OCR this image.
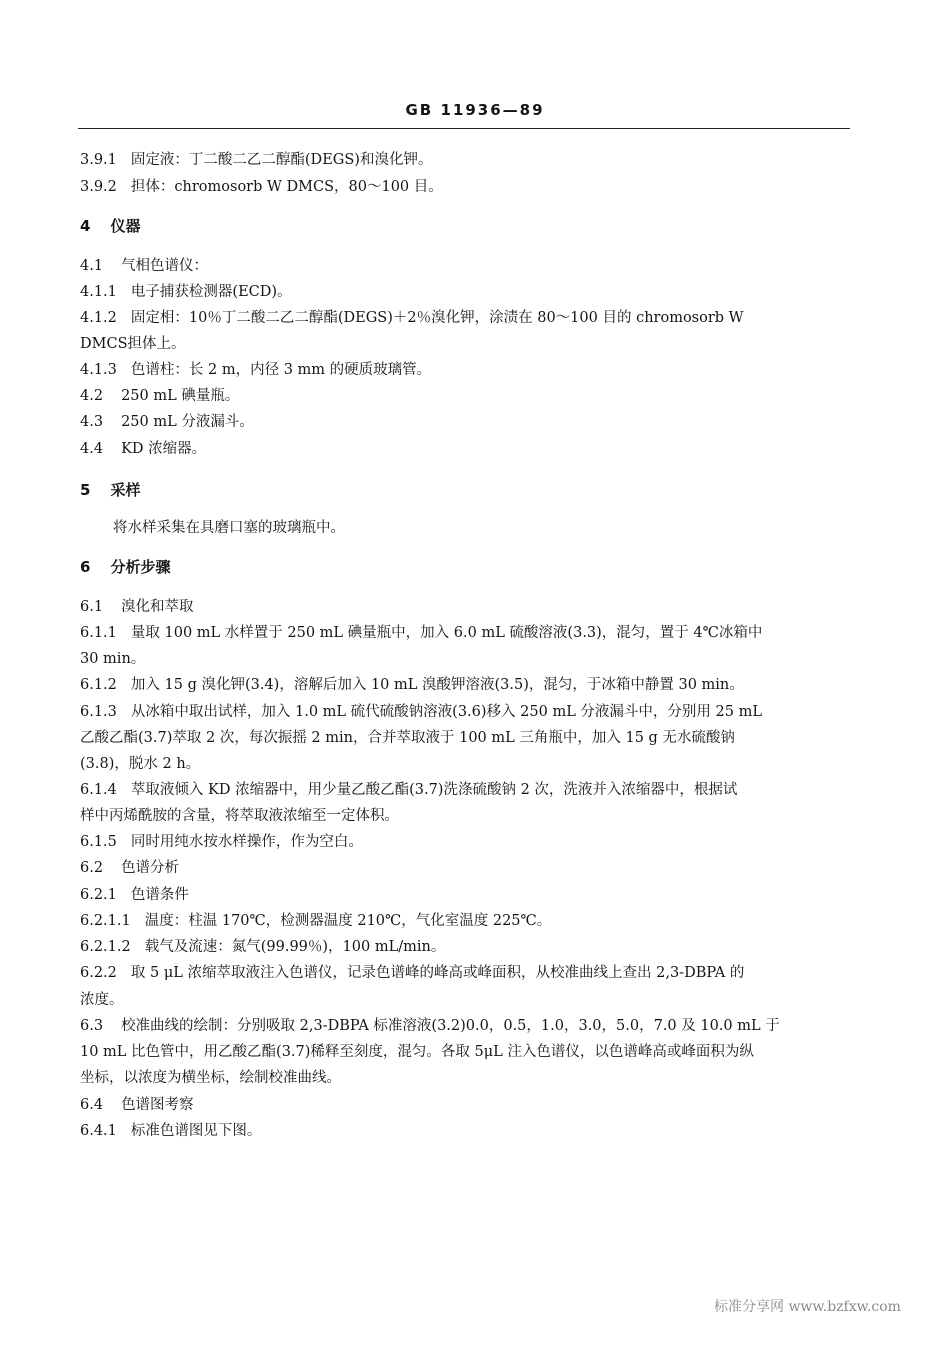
GB 11936—89
3.9.1 固定液：丁二酸二乙二醇酯(DEGS)和溴化钾。
3.9.2 担体：chromosorb W DMCS，80～100 目。
4 仪器
4.1 气相色谱仪：
4.1.1 电子捕获检测器(ECD)。
4.1.2 固定相：10％丁二酸二乙二醇酯(DEGS)＋2％溴化钾，涂渍在 80～100 目的 chromosorb W
DMCS担体上。
4.1.3 色谱柱：长 2 m，内径 3 mm 的硬质玻璃管。
4.2 250 mL 碘量瓶。
4.3 250 mL 分液漏斗。
4.4 KD 浓缩器。
5 采样
将水样采集在具磨口塞的玻璃瓶中。
6 分析步骤
6.1 溴化和萃取
6.1.1 量取 100 mL 水样置于 250 mL 碘量瓶中，加入 6.0 mL 硫酸溶液(3.3)，混匀，置于 4℃冰箱中
30 min。
6.1.2 加入 15 g 溴化钾(3.4)，溶解后加入 10 mL 溴酸钾溶液(3.5)，混匀，于冰箱中静置 30 min。
6.1.3 从冰箱中取出试样，加入 1.0 mL 硫代硫酸钠溶液(3.6)移入 250 mL 分液漏斗中，分别用 25 mL
乙酸乙酯(3.7)萃取 2 次，每次振摇 2 min，合并萃取液于 100 mL 三角瓶中，加入 15 g 无水硫酸钠
(3.8)，脱水 2 h。
6.1.4 萃取液倾入 KD 浓缩器中，用少量乙酸乙酯(3.7)洗涤硫酸钠 2 次，洗液并入浓缩器中，根据试
样中丙烯酰胺的含量，将萃取液浓缩至一定体积。
6.1.5 同时用纯水按水样操作，作为空白。
6.2 色谱分析
6.2.1 色谱条件
6.2.1.1 温度：柱温 170℃，检测器温度 210℃，气化室温度 225℃。
6.2.1.2 载气及流速：氮气(99.99％)，100 mL/min。
6.2.2 取 5 μL 浓缩萃取液注入色谱仪，记录色谱峰的峰高或峰面积，从校准曲线上查出 2,3-DBPA 的
浓度。
6.3 校准曲线的绘制：分别吸取 2,3-DBPA 标准溶液(3.2)0.0，0.5，1.0，3.0，5.0，7.0 及 10.0 mL 于
10 mL 比色管中，用乙酸乙酯(3.7)稀释至刻度，混匀。各取 5μL 注入色谱仪，以色谱峰高或峰面积为纵
坐标，以浓度为横坐标，绘制校准曲线。
6.4 色谱图考察
6.4.1 标准色谱图见下图。
标准分享网 www.bzfxw.com
